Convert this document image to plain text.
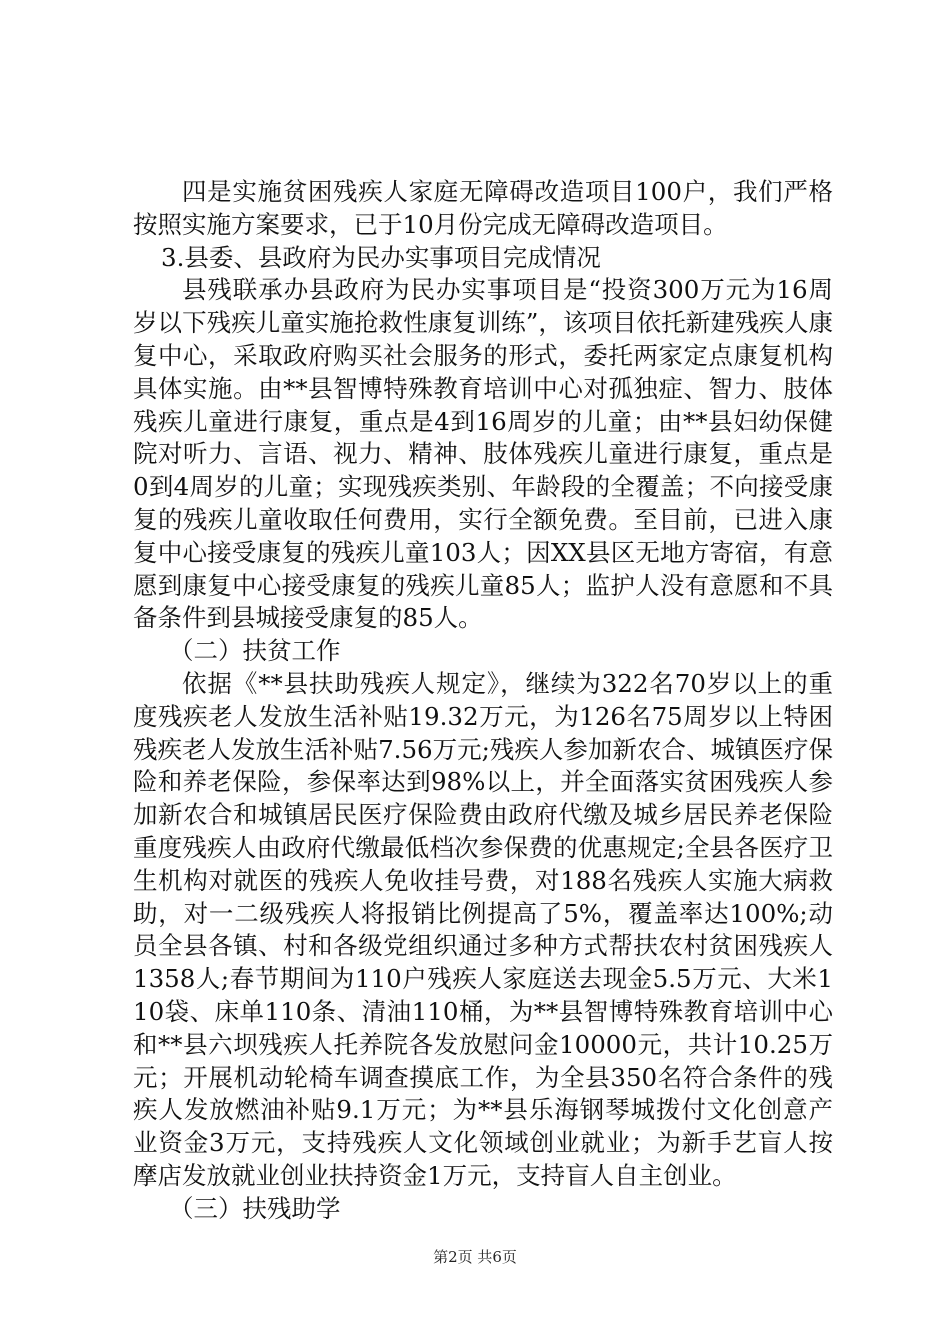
四是实施贫困残疾人家庭无障碍改造项目100户，我们严格按照实施方案要求，已于10月份完成无障碍改造项目。

3.县委、县政府为民办实事项目完成情况

县残联承办县政府为民办实事项目是“投资300万元为16周岁以下残疾儿童实施抢救性康复训练”，该项目依托新建残疾人康复中心，采取政府购买社会服务的形式，委托两家定点康复机构具体实施。由**县智博特殊教育培训中心对孤独症、智力、肢体残疾儿童进行康复，重点是4到16周岁的儿童；由**县妇幼保健院对听力、言语、视力、精神、肢体残疾儿童进行康复，重点是0到4周岁的儿童；实现残疾类别、年龄段的全覆盖；不向接受康复的残疾儿童收取任何费用，实行全额免费。至目前，已进入康复中心接受康复的残疾儿童103人；因XX县区无地方寄宿，有意愿到康复中心接受康复的残疾儿童85人；监护人没有意愿和不具备条件到县城接受康复的85人。

（二）扶贫工作

依据《**县扶助残疾人规定》，继续为322名70岁以上的重度残疾老人发放生活补贴19.32万元，为126名75周岁以上特困残疾老人发放生活补贴7.56万元;残疾人参加新农合、城镇医疗保险和养老保险，参保率达到98%以上，并全面落实贫困残疾人参加新农合和城镇居民医疗保险费由政府代缴及城乡居民养老保险重度残疾人由政府代缴最低档次参保费的优惠规定;全县各医疗卫生机构对就医的残疾人免收挂号费，对188名残疾人实施大病救助，对一二级残疾人将报销比例提高了5%，覆盖率达100%;动员全县各镇、村和各级党组织通过多种方式帮扶农村贫困残疾人1358人;春节期间为110户残疾人家庭送去现金5.5万元、大米110袋、床单110条、清油110桶，为**县智博特殊教育培训中心和**县六坝残疾人托养院各发放慰问金10000元，共计10.25万元；开展机动轮椅车调查摸底工作，为全县350名符合条件的残疾人发放燃油补贴9.1万元；为**县乐海钢琴城拨付文化创意产业资金3万元，支持残疾人文化领域创业就业；为新手艺盲人按摩店发放就业创业扶持资金1万元，支持盲人自主创业。

（三）扶残助学

第2页 共6页
